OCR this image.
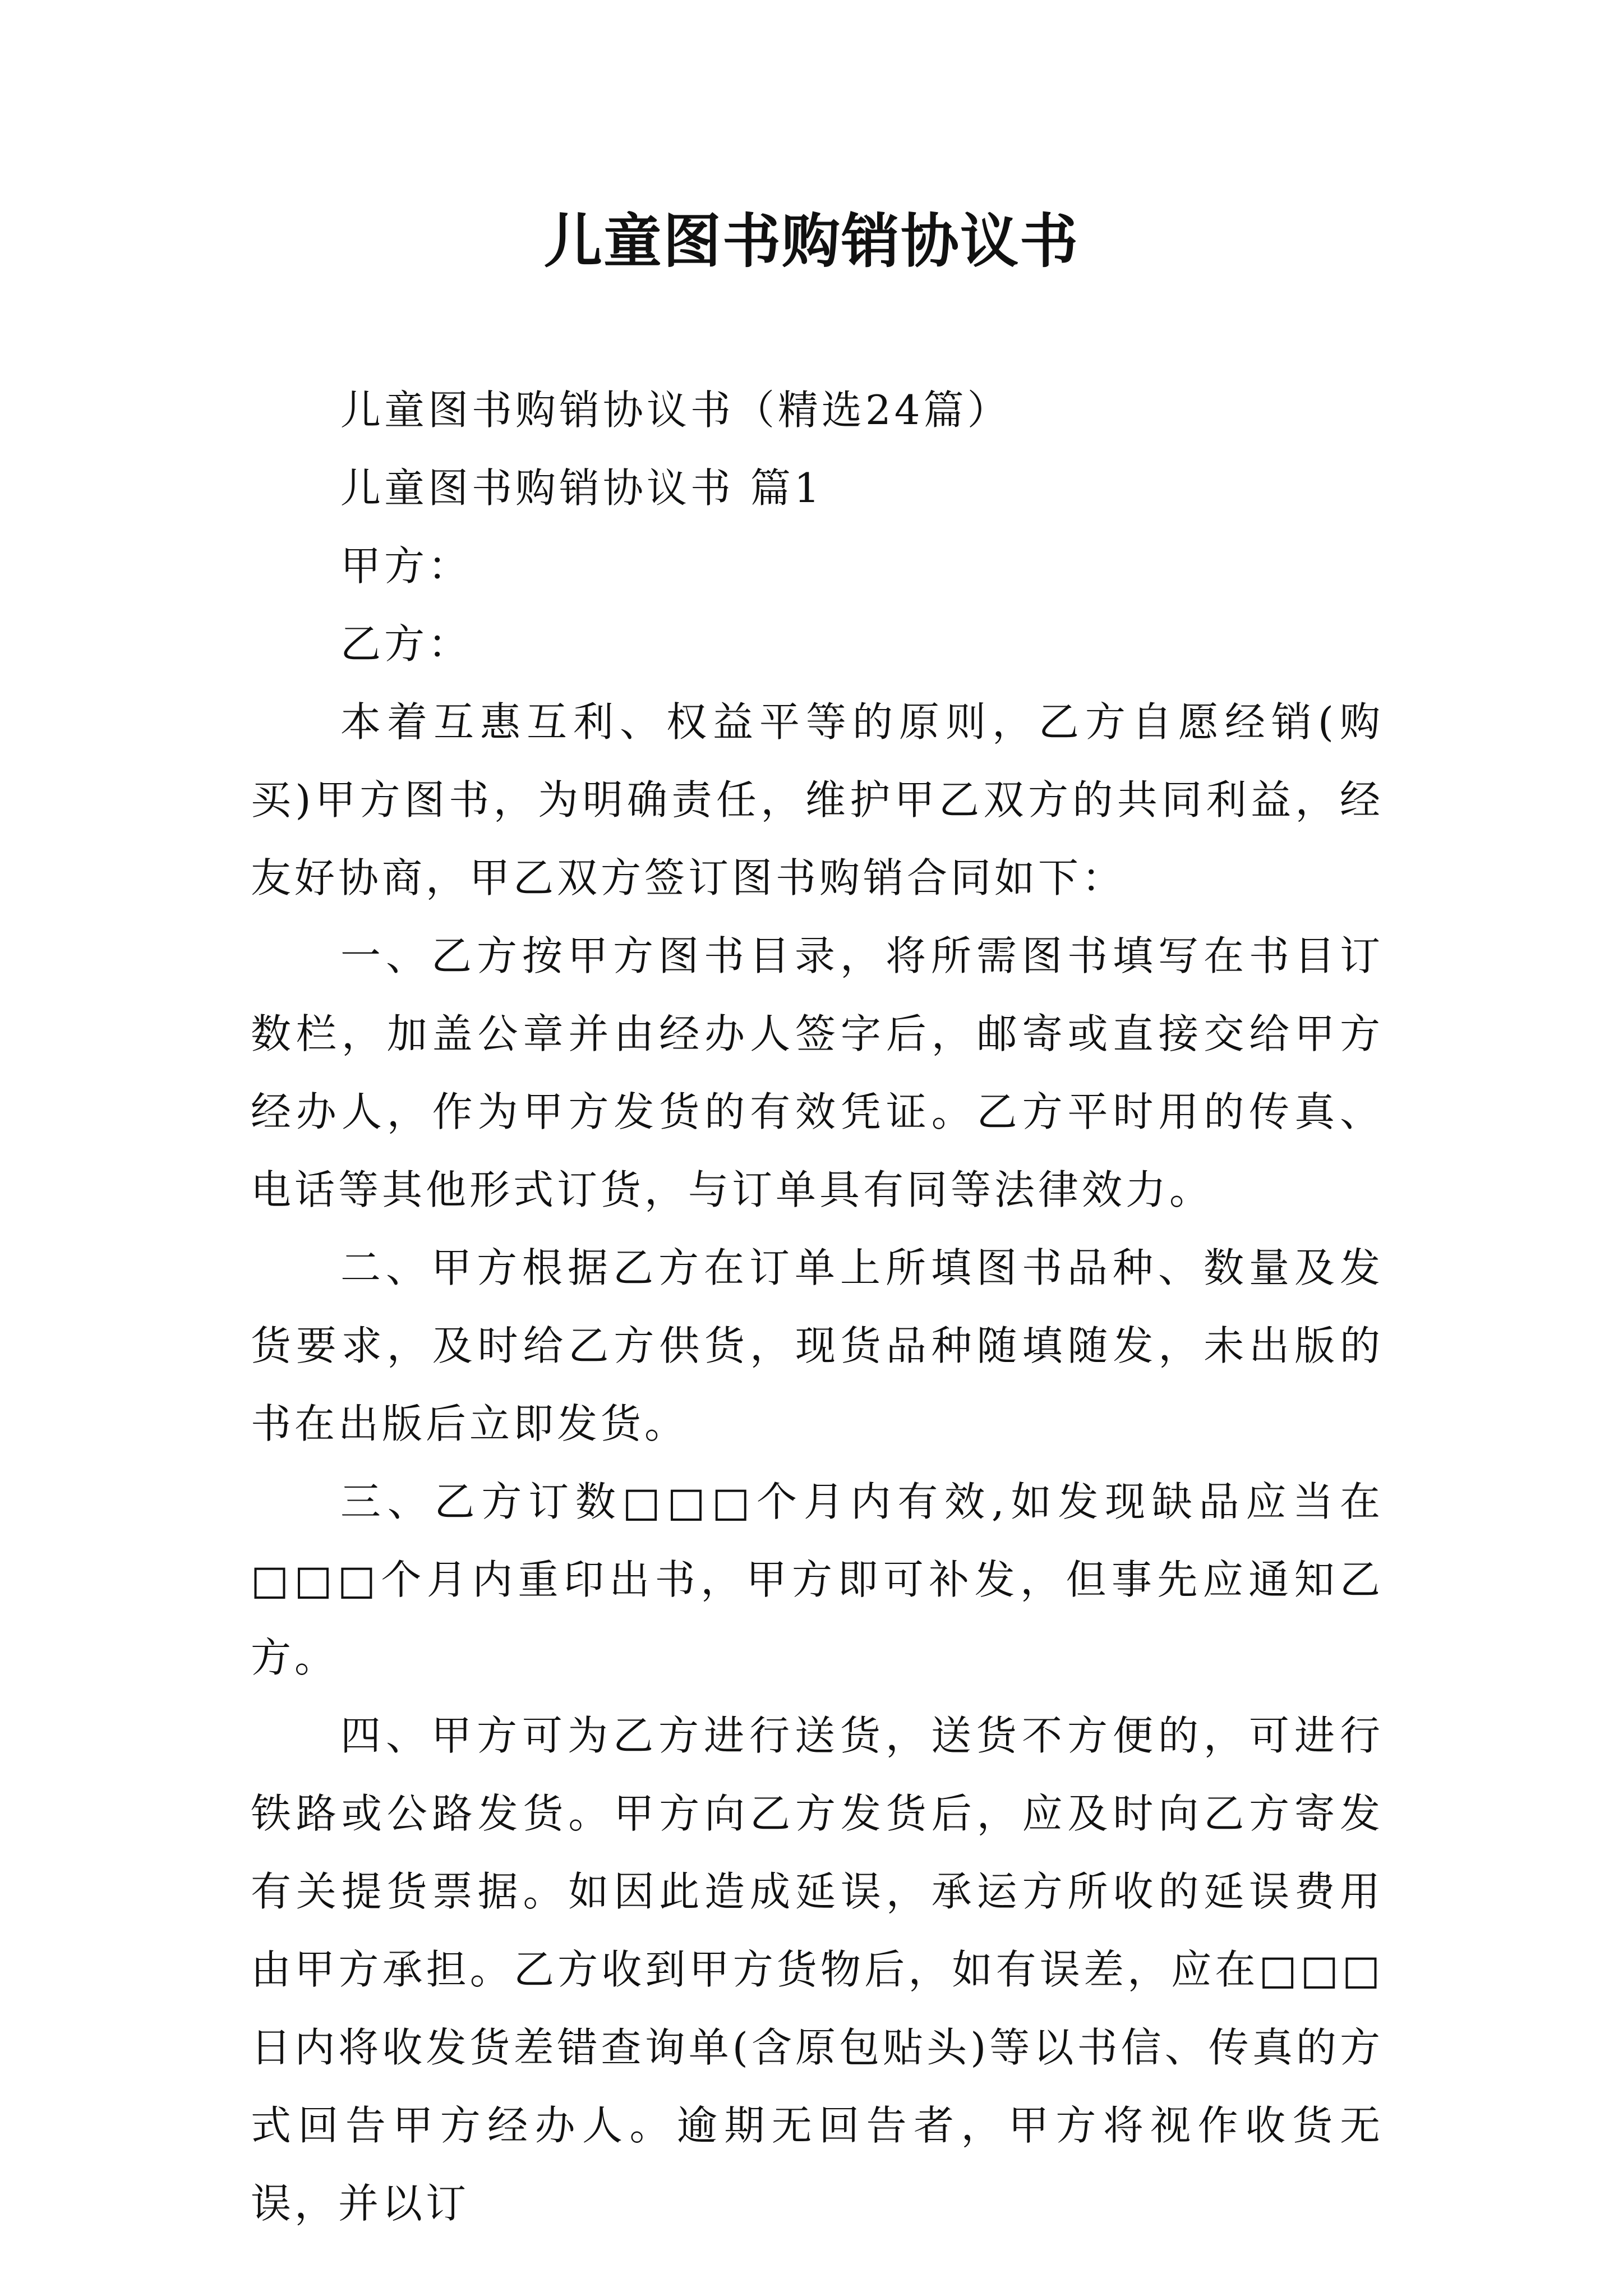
儿童图书购销协议书

儿童图书购销协议书（精选24篇）

儿童图书购销协议书 篇1

甲方：

乙方：

本着互惠互利、权益平等的原则，乙方自愿经销(购买)甲方图书，为明确责任，维护甲乙双方的共同利益，经友好协商，甲乙双方签订图书购销合同如下：

一、乙方按甲方图书目录，将所需图书填写在书目订数栏，加盖公章并由经办人签字后，邮寄或直接交给甲方经办人，作为甲方发货的有效凭证。乙方平时用的传真、电话等其他形式订货，与订单具有同等法律效力。

二、甲方根据乙方在订单上所填图书品种、数量及发货要求，及时给乙方供货，现货品种随填随发，未出版的书在出版后立即发货。

三、乙方订数□□□个月内有效,如发现缺品应当在□□□个月内重印出书，甲方即可补发，但事先应通知乙方。

四、甲方可为乙方进行送货，送货不方便的，可进行铁路或公路发货。甲方向乙方发货后，应及时向乙方寄发有关提货票据。如因此造成延误，承运方所收的延误费用由甲方承担。乙方收到甲方货物后，如有误差，应在□□□日内将收发货差错查询单(含原包贴头)等以书信、传真的方式回告甲方经办人。逾期无回告者，甲方将视作收货无误，并以订
